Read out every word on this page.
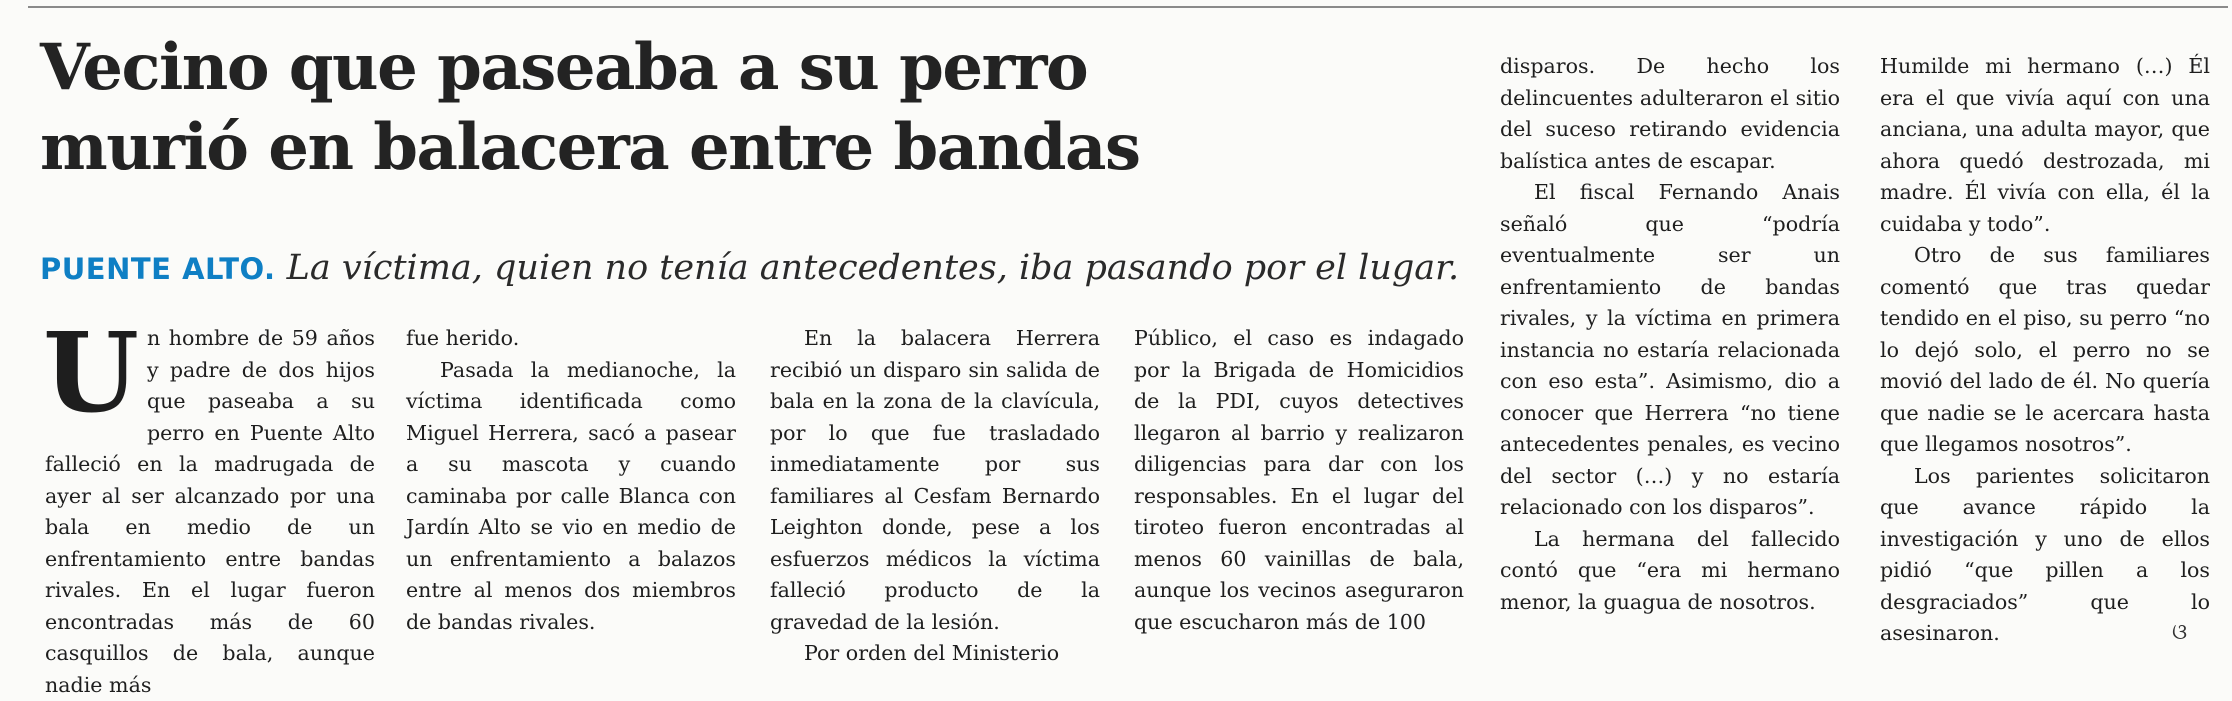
Vecino que paseaba a su perro
murió en balacera entre bandas
PUENTE ALTO. La víctima, quien no tenía antecedentes, iba pasando por el lugar.

U n hombre de 59 años y padre de dos hijos que paseaba a su perro en Puente Alto falleció en la madrugada de ayer al ser alcanzado por una bala en medio de un enfrentamiento entre bandas rivales. En el lugar fueron encontradas más de 60 casquillos de bala, aunque nadie más

fue herido.

Pasada la medianoche, la víctima identificada como Miguel Herrera, sacó a pasear a su mascota y cuando caminaba por calle Blanca con Jardín Alto se vio en medio de un enfrentamiento a balazos entre al menos dos miembros de bandas rivales.

En la balacera Herrera recibió un disparo sin salida de bala en la zona de la clavícula, por lo que fue trasladado inmediatamente por sus familiares al Cesfam Bernardo Leighton donde, pese a los esfuerzos médicos la víctima falleció producto de la gravedad de la lesión.

Por orden del Ministerio

Público, el caso es indagado por la Brigada de Homicidios de la PDI, cuyos detectives llegaron al barrio y realizaron diligencias para dar con los responsables. En el lugar del tiroteo fueron encontradas al menos 60 vainillas de bala, aunque los vecinos aseguraron que escucharon más de 100

disparos. De hecho los delincuentes adulteraron el sitio del suceso retirando evidencia balística antes de escapar.

El fiscal Fernando Anais señaló que “podría eventualmente ser un enfrentamiento de bandas rivales, y la víctima en primera instancia no estaría relacionada con eso esta”. Asimismo, dio a conocer que Herrera “no tiene antecedentes penales, es vecino del sector (…) y no estaría relacionado con los disparos”.

La hermana del fallecido contó que “era mi hermano menor, la guagua de nosotros.

Humilde mi hermano (…) Él era el que vivía aquí con una anciana, una adulta mayor, que ahora quedó destrozada, mi madre. Él vivía con ella, él la cuidaba y todo”.

Otro de sus familiares comentó que tras quedar tendido en el piso, su perro “no lo dejó solo, el perro no se movió del lado de él. No quería que nadie se le acercara hasta que llegamos nosotros”.

Los parientes solicitaron que avance rápido la investigación y uno de ellos pidió “que pillen a los desgraciados” que lo asesinaron.	ଓ
